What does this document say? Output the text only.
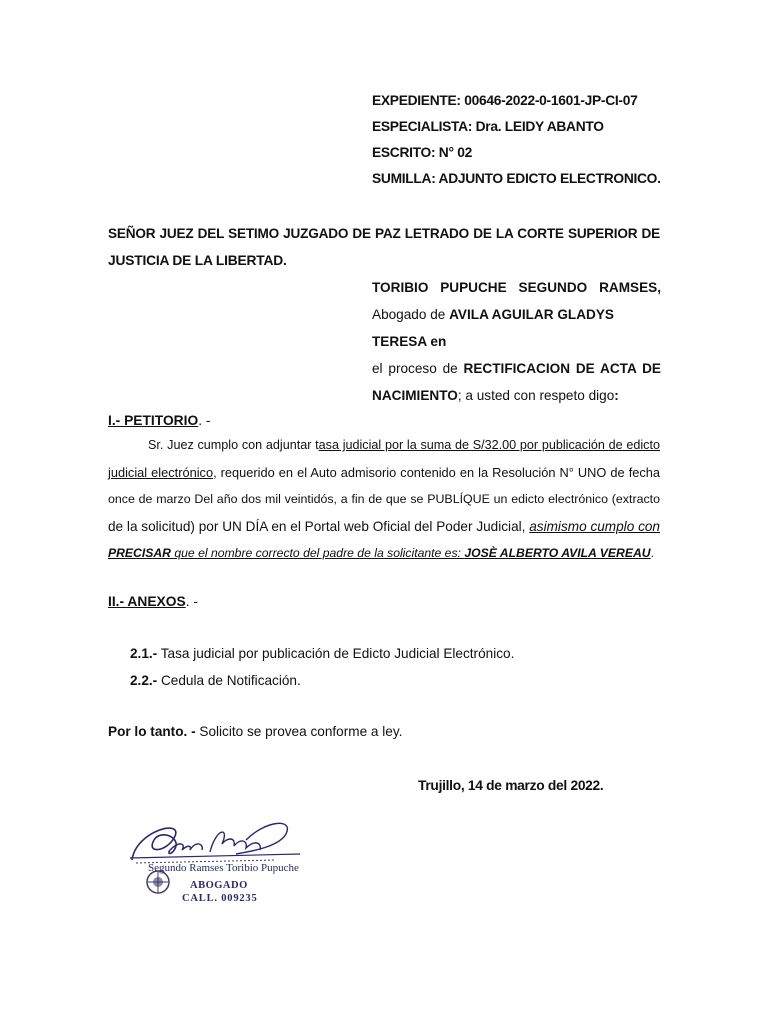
EXPEDIENTE: 00646-2022-0-1601-JP-CI-07
ESPECIALISTA: Dra. LEIDY ABANTO
ESCRITO: N° 02
SUMILLA: ADJUNTO EDICTO ELECTRONICO.

SEÑOR JUEZ DEL SETIMO JUZGADO DE PAZ LETRADO DE LA CORTE SUPERIOR DE

JUSTICIA DE LA LIBERTAD.

TORIBIO PUPUCHE SEGUNDO RAMSES,

Abogado de AVILA AGUILAR GLADYS TERESA en

el proceso de RECTIFICACION DE ACTA DE

NACIMIENTO; a usted con respeto digo:

I.- PETITORIO. -
Sr. Juez cumplo con adjuntar tasa judicial por la suma de S/32.00 por publicación de edicto
judicial electrónico, requerido en el Auto admisorio contenido en la Resolución N° UNO de fecha
once de marzo Del año dos mil veintidós, a fin de que se PUBLÍQUE un edicto electrónico (extracto
de la solicitud) por UN DÍA en el Portal web Oficial del Poder Judicial, asimismo cumplo con
PRECISAR que el nombre correcto del padre de la solicitante es: JOSÈ ALBERTO AVILA VEREAU.
II.- ANEXOS. -
2.1.- Tasa judicial por publicación de Edicto Judicial Electrónico.
2.2.- Cedula de Notificación.
Por lo tanto. - Solicito se provea conforme a ley.
Trujillo, 14 de marzo del 2022.
Segundo Ramses Toribio Pupuche
ABOGADO
CALL. 009235
